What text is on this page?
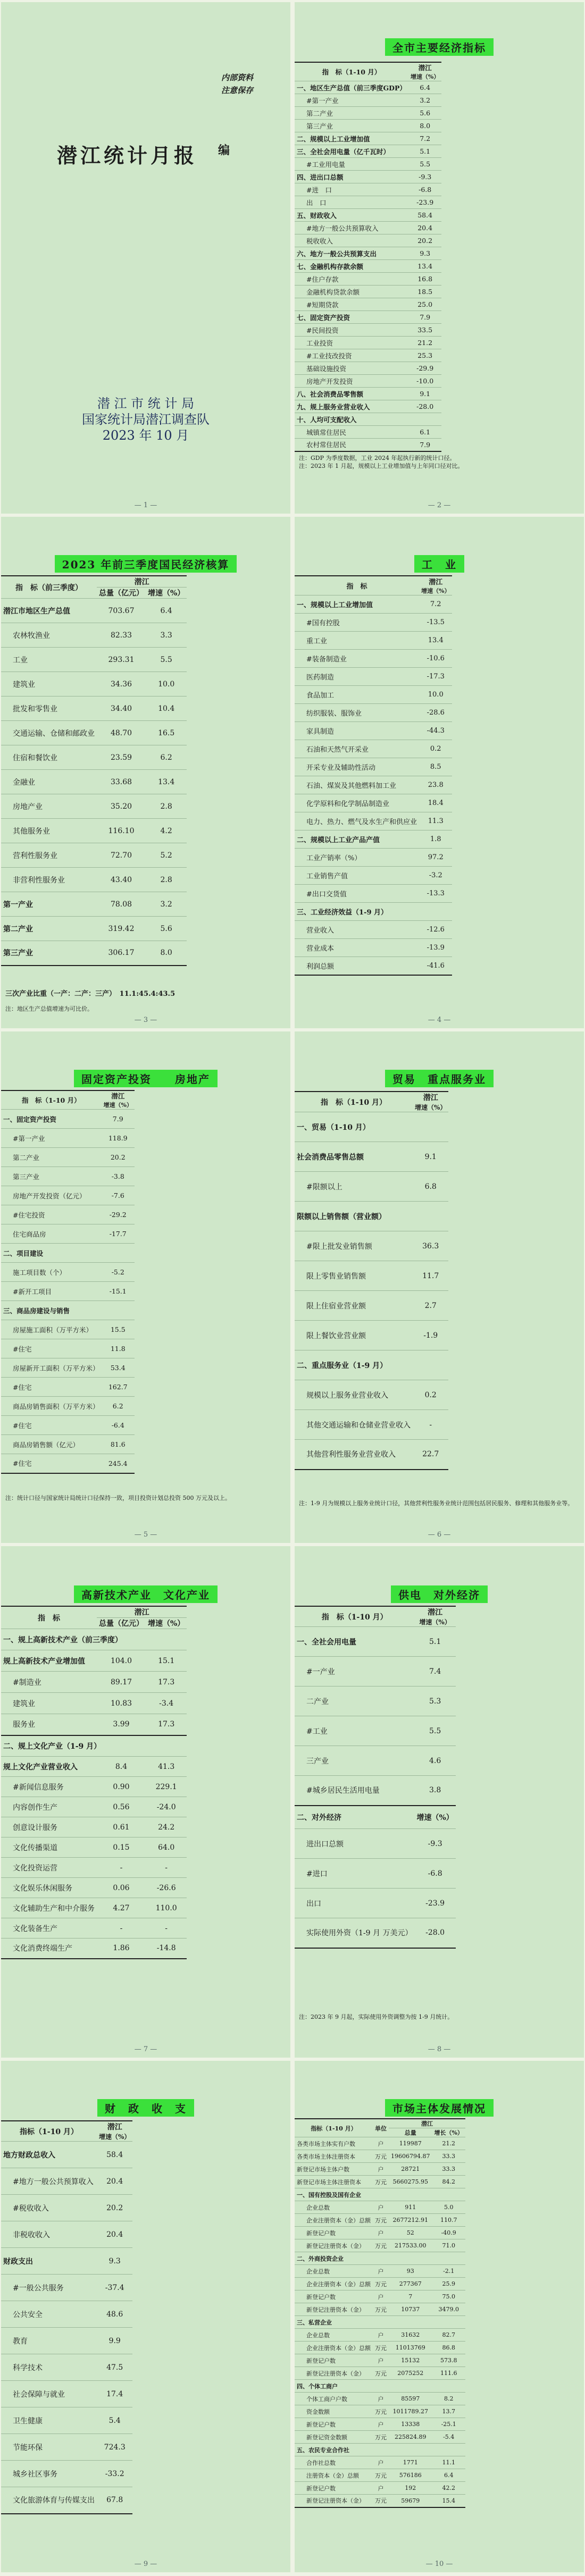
内部资料
注意保存
潜江统计月报 编
潜 江 市 统 计 局
国家统计局潜江调查队
2023 年 10 月
— 1 —
全市主要经济指标
指　标（1-10 月）	潜江
增速（%）

一、地区生产总值（前三季度GDP）	6.4
#第一产业	3.2
第二产业	5.6
第三产业	8.0
二、规模以上工业增加值	7.2
三、全社会用电量（亿千瓦时）	5.1
#工业用电量	5.5
四、进出口总额	-9.3
#进　口	-6.8
出　口	-23.9
五、财政收入	58.4
#地方一般公共预算收入	20.4
税收收入	20.2
六、地方一般公共预算支出	9.3
七、金融机构存款余额	13.4
#住户存款	16.8
金融机构贷款余额	18.5
#短期贷款	25.0
七、固定资产投资	7.9
#民间投资	33.5
工业投资	21.2
#工业技改投资	25.3
基础设施投资	-29.9
房地产开发投资	-10.0
八、社会消费品零售额	9.1
九、规上服务业营业收入	-28.0
十、人均可支配收入	　
城镇常住居民	6.1
农村常住居民	7.9
注：GDP 为季度数据，工业 2024 年起执行新的统计口径。
注：2023 年 1 月起，规模以上工业增加值与上年同口径对比。
— 2 —
2023 年前三季度国民经济核算
指　标（前三季度）	潜江	
	总量（亿元）	增速（%）
潜江市地区生产总值	703.67	6.4
农林牧渔业	82.33	3.3
工业	293.31	5.5
建筑业	34.36	10.0
批发和零售业	34.40	10.4
交通运输、仓储和邮政业	48.70	16.5
住宿和餐饮业	23.59	6.2
金融业	33.68	13.4
房地产业	35.20	2.8
其他服务业	116.10	4.2
营利性服务业	72.70	5.2
非营利性服务业	43.40	2.8
第一产业	78.08	3.2
第二产业	319.42	5.6
第三产业	306.17	8.0
三次产业比重（一产：二产：三产）　 11.1:45.4:43.5
注：地区生产总值增速为可比价。
— 3 —
工　业
指　标	潜江
增速（%）

一、规模以上工业增加值	7.2
#国有控股	-13.5
重工业	13.4
#装备制造业	-10.6
医药制造	-17.3
食品加工	10.0
纺织服装、服饰业	-28.6
家具制造	-44.3
石油和天然气开采业	0.2
开采专业及辅助性活动	8.5
石油、煤炭及其他燃料加工业	23.8
化学原料和化学制品制造业	18.4
电力、热力、燃气及水生产和供应业	11.3
二、规模以上工业产品产值	1.8
工业产销率（%）	97.2
工业销售产值	-3.2
#出口交货值	-13.3
三、工业经济效益（1-9 月）	　
营业收入	-12.6
营业成本	-13.9
利润总额	-41.6
— 4 —
固定资产投资　　房地产
指　标（1-10 月）	潜江
增速（%）

一、固定资产投资	7.9
#第一产业	118.9
第二产业	20.2
第三产业	-3.8
房地产开发投资（亿元）	-7.6
#住宅投资	-29.2
住宅商品房	-17.7
二、项目建设	　
施工项目数（个）	-5.2
#新开工项目	-15.1
三、商品房建设与销售	　
房屋施工面积（万平方米）	15.5
#住宅	11.8
房屋新开工面积（万平方米）	53.4
#住宅	162.7
商品房销售面积（万平方米）	6.2
#住宅	-6.4
商品房销售额（亿元）	81.6
#住宅	245.4
注：统计口径与国家统计局统计口径保持一致，项目投资计划总投资 500 万元及以上。
— 5 —
贸易　重点服务业
指　标（1-10 月）	潜江
增速（%）

一、贸易（1-10 月）	　
社会消费品零售总额	9.1
#限额以上	6.8
限额以上销售额（营业额）	　
#限上批发业销售额	36.3
限上零售业销售额	11.7
限上住宿业营业额	2.7
限上餐饮业营业额	-1.9
二、重点服务业（1-9 月）	　
规模以上服务业营业收入	0.2
其他交通运输和仓储业营业收入	-
其他营利性服务业营业收入	22.7
注：1-9 月为规模以上服务业统计口径，其他营利性服务业统计范围包括居民服务、修理和其他服务业等。
— 6 —
高新技术产业　文化产业
指　标	潜江	
	总量（亿元）	增速（%）
一、规上高新技术产业（前三季度）		
规上高新技术产业增加值	104.0	15.1
#制造业	89.17	17.3
建筑业	10.83	-3.4
服务业	3.99	17.3
二、规上文化产业（1-9 月）		
规上文化产业营业收入	8.4	41.3
#新闻信息服务	0.90	229.1
内容创作生产	0.56	-24.0
创意设计服务	0.61	24.2
文化传播渠道	0.15	64.0
文化投资运营	-	-
文化娱乐休闲服务	0.06	-26.6
文化辅助生产和中介服务	4.27	110.0
文化装备生产	-	-
文化消费终端生产	1.86	-14.8
— 7 —
供电　对外经济
指　标（1-10 月）	潜江
增速（%）

一、全社会用电量	5.1
#一产业	7.4
二产业	5.3
#工业	5.5
三产业	4.6
#城乡居民生活用电量	3.8
二、对外经济	增速（%）
进出口总额	-9.3
#进口	-6.8
出口	-23.9
实际使用外资（1-9 月 万美元）	-28.0
注：2023 年 9 月起，实际使用外资调整为按 1-9 月统计。
— 8 —
财　政　收　支
指标（1-10 月）	潜江
增速（%）

地方财政总收入	58.4
#地方一般公共预算收入	20.4
#税收收入	20.2
非税收收入	20.4
财政支出	9.3
#一般公共服务	-37.4
公共安全	48.6
教育	9.9
科学技术	47.5
社会保障与就业	17.4
卫生健康	5.4
节能环保	724.3
城乡社区事务	-33.2
文化旅游体育与传媒支出	67.8
— 9 —
市场主体发展情况
指标（1-10 月）	单位	潜江	
		总量	增长（%）
各类市场主体实有户数	户	119987	21.2
各类市场主体注册资本	万元	19606794.87	33.3
新登记市场主体户数	户	28721	33.3
新登记市场主体注册资本	万元	5660275.95	84.2
一、国有控股及国有企业			
企业总数	户	911	5.0
企业注册资本（金）总额	万元	2677212.91	110.7
新登记户数	户	52	-40.9
新登记注册资本（金）	万元	217533.00	71.0
二、外商投资企业			
企业总数	户	93	-2.1
企业注册资本（金）总额	万元	277367	25.9
新登记户数	户	7	75.0
新登记注册资本（金）	万元	10737	3479.0
三、私营企业			
企业总数	户	31632	82.7
企业注册资本（金）总额	万元	11013769	86.8
新登记户数	户	15132	573.8
新登记注册资本（金）	万元	2075252	111.6
四、个体工商户			
个体工商户户数	户	85597	8.2
资金数额	万元	1011789.27	13.7
新登记户数	户	13338	-25.1
新登记资金数额	万元	225824.89	-5.4
五、农民专业合作社			
合作社总数	户	1771	11.1
注册资本（金）总额	万元	576186	6.4
新登记户数	户	192	42.2
新登记注册资本（金）	万元	59679	15.4
— 10 —
